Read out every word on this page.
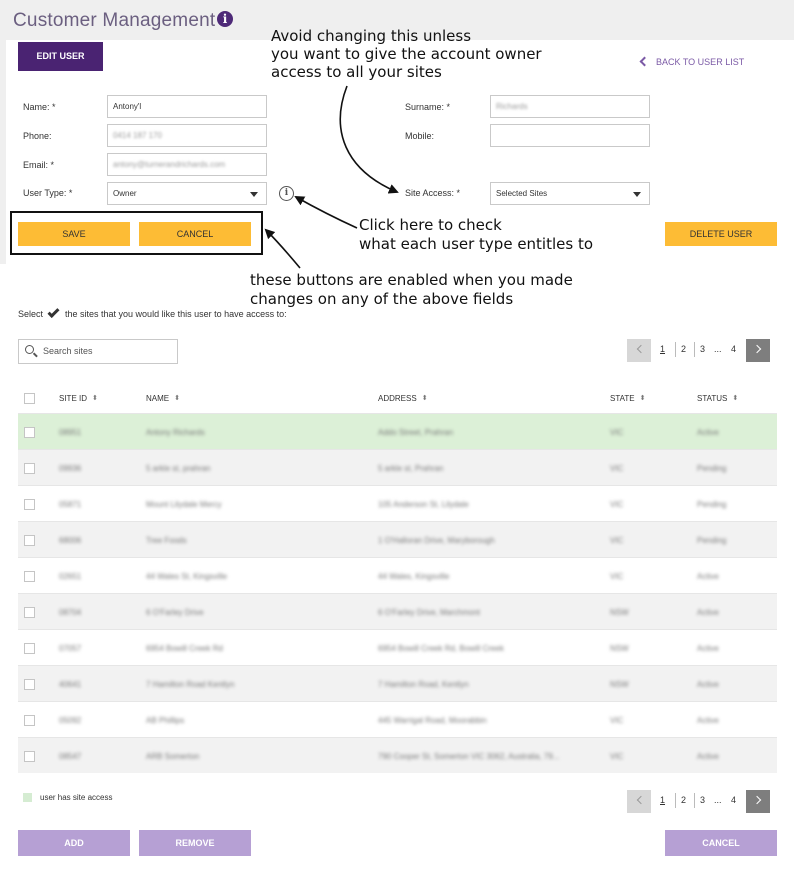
Customer Management i
EDIT USER
BACK TO USER LIST
Name: *	Antony'l
Phone:	0414 187 170
Email: *	antony@turnerandrichards.com
User Type: *	Owner	i
Surname: *	Richards
Mobile:
Site Access: *	Selected Sites
SAVE	CANCEL	DELETE USER
Avoid changing this unless
you want to give the account owner
access to all your sites
Click here to check
what each user type entitles to
these buttons are enabled when you made
changes on any of the above fields
Select the sites that you would like this user to have access to:
Search sites	1 2 3 ... 4
SITE ID ⬍	NAME ⬍	ADDRESS ⬍	STATE ⬍	STATUS ⬍
08951	Antony Richards	Addo Street, Prahran	VIC	Active
09936	5 arkle st, prahran	5 arkle st, Prahran	VIC	Pending
05871	Mount Lilydale Mercy	105 Anderson St, Lilydale	VIC	Pending
68006	Tree Foods	1 O'Halloran Drive, Maryborough	VIC	Pending
02651	44 Wales St, Kingsville	44 Wales, Kingsville	VIC	Active
08704	6 O'Farley Drive	6 O'Farley Drive, Marchmont	NSW	Active
07057	6954 Bowill Creek Rd	6954 Bowill Creek Rd, Bowill Creek	NSW	Active
40641	7 Hamilton Road Kentlyn	7 Hamilton Road, Kentlyn	NSW	Active
05092	AB Phillips	445 Warrigal Road, Moorabbin	VIC	Active
08547	ARB Somerton	790 Cooper St, Somerton VIC 3062, Australia, 79...	VIC	Active
user has site access	1 2 3 ... 4
ADD	REMOVE	CANCEL
